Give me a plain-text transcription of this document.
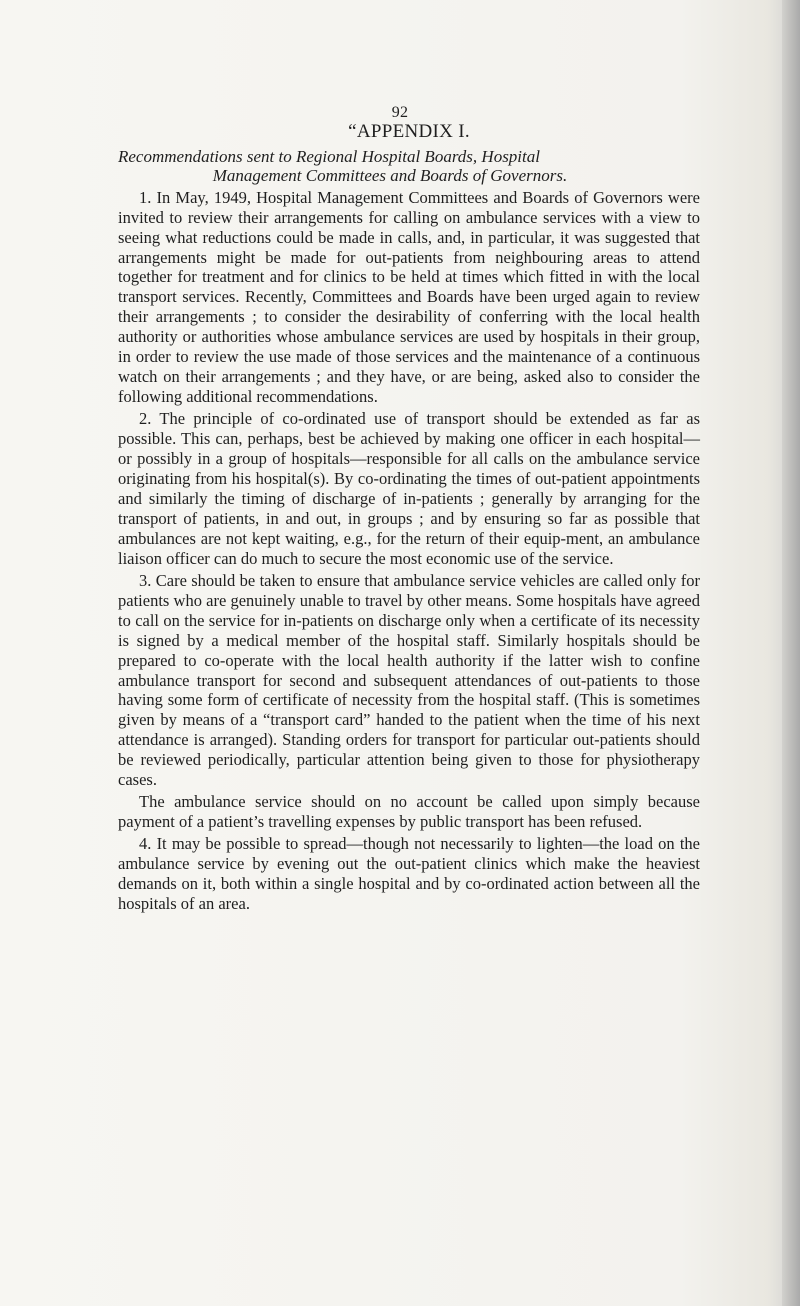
92
“APPENDIX I.
Recommendations sent to Regional Hospital Boards, Hospital
Management Committees and Boards of Governors.

1. In May, 1949, Hospital Management Committees and Boards of Governors were invited to review their arrangements for calling on ambulance services with a view to seeing what reductions could be made in calls, and, in particular, it was suggested that arrangements might be made for out-patients from neighbouring areas to attend together for treatment and for clinics to be held at times which fitted in with the local transport services. Recently, Committees and Boards have been urged again to review their arrangements ; to consider the desirability of conferring with the local health authority or authorities whose ambulance services are used by hospitals in their group, in order to review the use made of those services and the maintenance of a continuous watch on their arrangements ; and they have, or are being, asked also to consider the following additional recommendations.

2. The principle of co-ordinated use of transport should be extended as far as possible. This can, perhaps, best be achieved by making one officer in each hospital—or possibly in a group of hospitals—responsible for all calls on the ambulance service originating from his hospital(s). By co-ordinating the times of out-patient appointments and similarly the timing of discharge of in-patients ; generally by arranging for the transport of patients, in and out, in groups ; and by ensuring so far as possible that ambulances are not kept waiting, e.g., for the return of their equip-ment, an ambulance liaison officer can do much to secure the most economic use of the service.

3. Care should be taken to ensure that ambulance service vehicles are called only for patients who are genuinely unable to travel by other means. Some hospitals have agreed to call on the service for in-patients on discharge only when a certificate of its necessity is signed by a medical member of the hospital staff. Similarly hospitals should be prepared to co-operate with the local health authority if the latter wish to confine ambulance transport for second and subsequent attendances of out-patients to those having some form of certificate of necessity from the hospital staff. (This is sometimes given by means of a “transport card” handed to the patient when the time of his next attendance is arranged). Standing orders for transport for particular out-patients should be reviewed periodically, particular attention being given to those for physiotherapy cases.

The ambulance service should on no account be called upon simply because payment of a patient’s travelling expenses by public transport has been refused.

4. It may be possible to spread—though not necessarily to lighten—the load on the ambulance service by evening out the out-patient clinics which make the heaviest demands on it, both within a single hospital and by co-ordinated action between all the hospitals of an area.
